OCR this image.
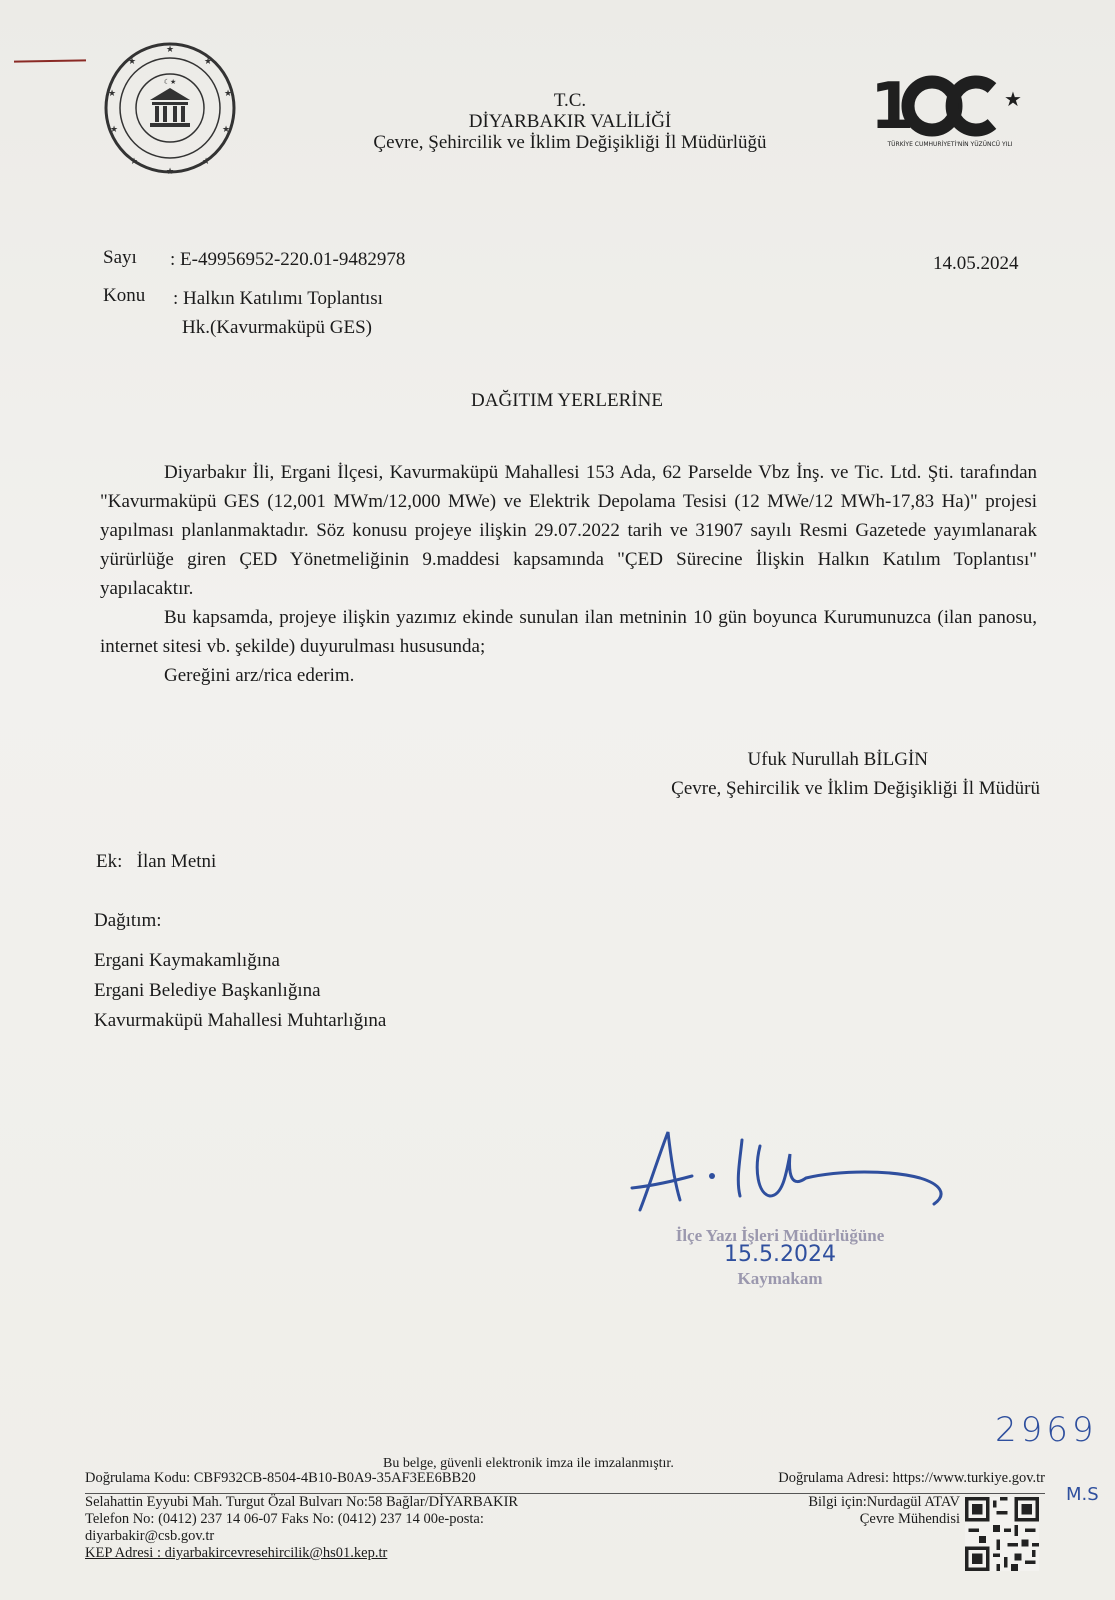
★
★
★
★
★
★
★
★
★
★
☾★	1	★
TÜRKİYE CUMHURİYETİ'NİN YÜZÜNCÜ YILI
T.C.
DİYARBAKIR VALİLİĞİ
Çevre, Şehircilik ve İklim Değişikliği İl Müdürlüğü
Sayı : E-49956952-220.01-9482978	14.05.2024
Konu : Halkın Katılımı Toplantısı
Hk.(Kavurmaküpü GES)
DAĞITIM YERLERİNE

Diyarbakır İli, Ergani İlçesi, Kavurmaküpü Mahallesi 153 Ada, 62 Parselde Vbz İnş. ve Tic. Ltd. Şti. tarafından "Kavurmaküpü GES (12,001 MWm/12,000 MWe) ve Elektrik Depolama Tesisi (12 MWe/12 MWh-17,83 Ha)" projesi yapılması planlanmaktadır. Söz konusu projeye ilişkin 29.07.2022 tarih ve 31907 sayılı Resmi Gazetede yayımlanarak yürürlüğe giren ÇED Yönetmeliğinin 9.maddesi kapsamında "ÇED Sürecine İlişkin Halkın Katılım Toplantısı" yapılacaktır.

Bu kapsamda, projeye ilişkin yazımız ekinde sunulan ilan metninin 10 gün boyunca Kurumunuzca (ilan panosu, internet sitesi vb. şekilde) duyurulması hususunda;

Gereğini arz/rica ederim.

Ufuk Nurullah BİLGİN
Çevre, Şehircilik ve İklim Değişikliği İl Müdürü
Ek: İlan Metni
Dağıtım:
Ergani Kaymakamlığına
Ergani Belediye Başkanlığına
Kavurmaküpü Mahallesi Muhtarlığına
İlçe Yazı İşleri Müdürlüğüne
15.5.2024
Kaymakam
2969
M.S
Bu belge, güvenli elektronik imza ile imzalanmıştır.
Doğrulama Kodu: CBF932CB-8504-4B10-B0A9-35AF3EE6BB20	Doğrulama Adresi: https://www.turkiye.gov.tr
Selahattin Eyyubi Mah. Turgut Özal Bulvarı No:58 Bağlar/DİYARBAKIR
Telefon No: (0412) 237 14 06-07 Faks No: (0412) 237 14 00e-posta:
diyarbakir@csb.gov.tr
KEP Adresi : diyarbakircevresehircilik@hs01.kep.tr
Bilgi için:Nurdagül ATAV
Çevre Mühendisi
